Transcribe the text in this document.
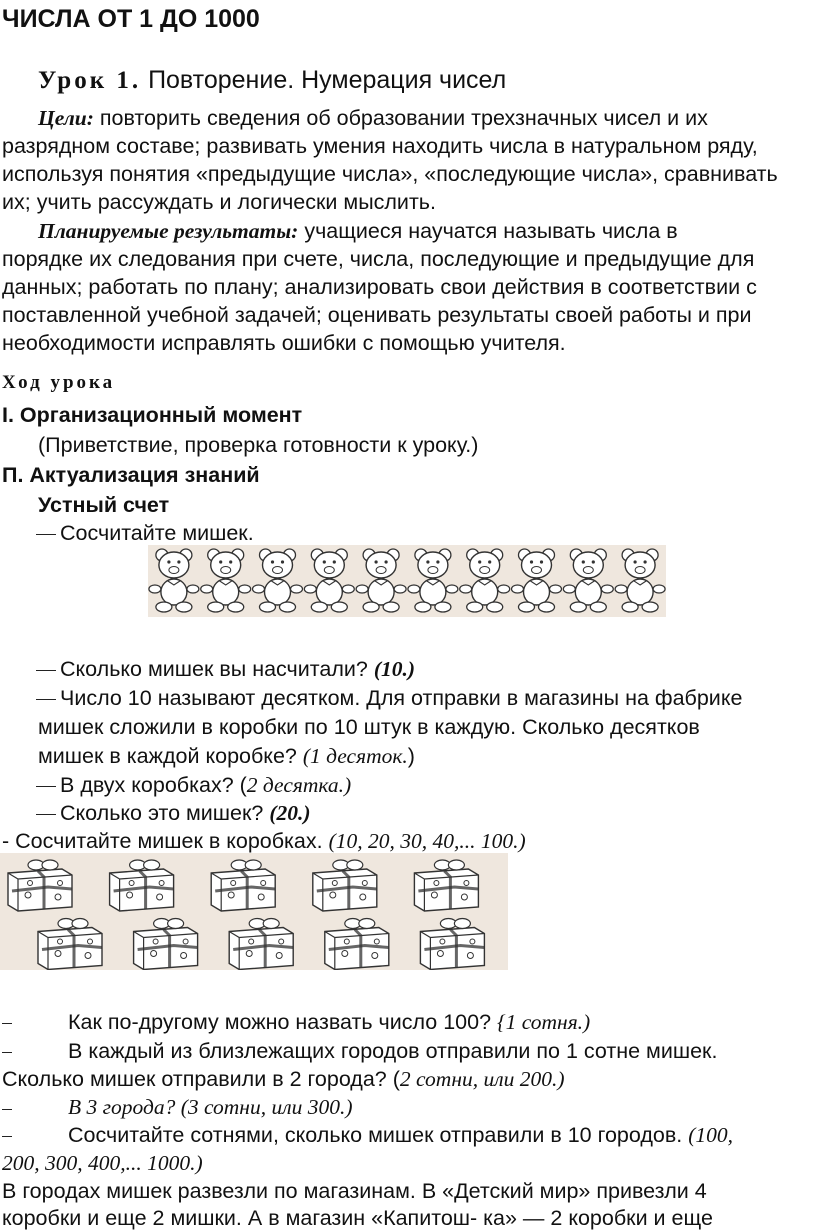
ЧИСЛА ОТ 1 ДО 1000
Урок 1. Повторение. Нумерация чисел
Цели: повторить сведения об образовании трехзначных чисел и их
разрядном составе; развивать умения находить числа в натуральном ряду,
используя понятия «предыдущие числа», «последующие числа», сравнивать
их; учить рассуждать и логически мыслить.
Планируемые результаты: учащиеся научатся называть числа в
порядке их следования при счете, числа, последующие и предыдущие для
данных; работать по плану; анализировать свои действия в соответствии с
поставленной учебной задачей; оценивать результаты своей работы и при
необходимости исправлять ошибки с помощью учителя.
Ход урока
I. Организационный момент
(Приветствие, проверка готовности к уроку.)
П. Актуализация знаний
Устный счет
Сосчитайте мишек.
Сколько мишек вы насчитали? (10.)
Число 10 называют десятком. Для отправки в магазины на фабрике
мишек сложили в коробки по 10 штук в каждую. Сколько десятков
мишек в каждой коробке? (1 десяток.)
В двух коробках? (2 десятка.)
Сколько это мишек? (20.)
- Сосчитайте мишек в коробках. (10, 20, 30, 40,... 100.)
Как по-другому можно назвать число 100? {1 сотня.)
В каждый из близлежащих городов отправили по 1 сотне мишек.
Сколько мишек отправили в 2 города? (2 сотни, или 200.)
В 3 города? (3 сотни, или 300.)
Сосчитайте сотнями, сколько мишек отправили в 10 городов. (100,
200, 300, 400,... 1000.)
В городах мишек развезли по магазинам. В «Детский мир» привезли 4
коробки и еще 2 мишки. А в магазин «Капитош- ка» — 2 коробки и еще
